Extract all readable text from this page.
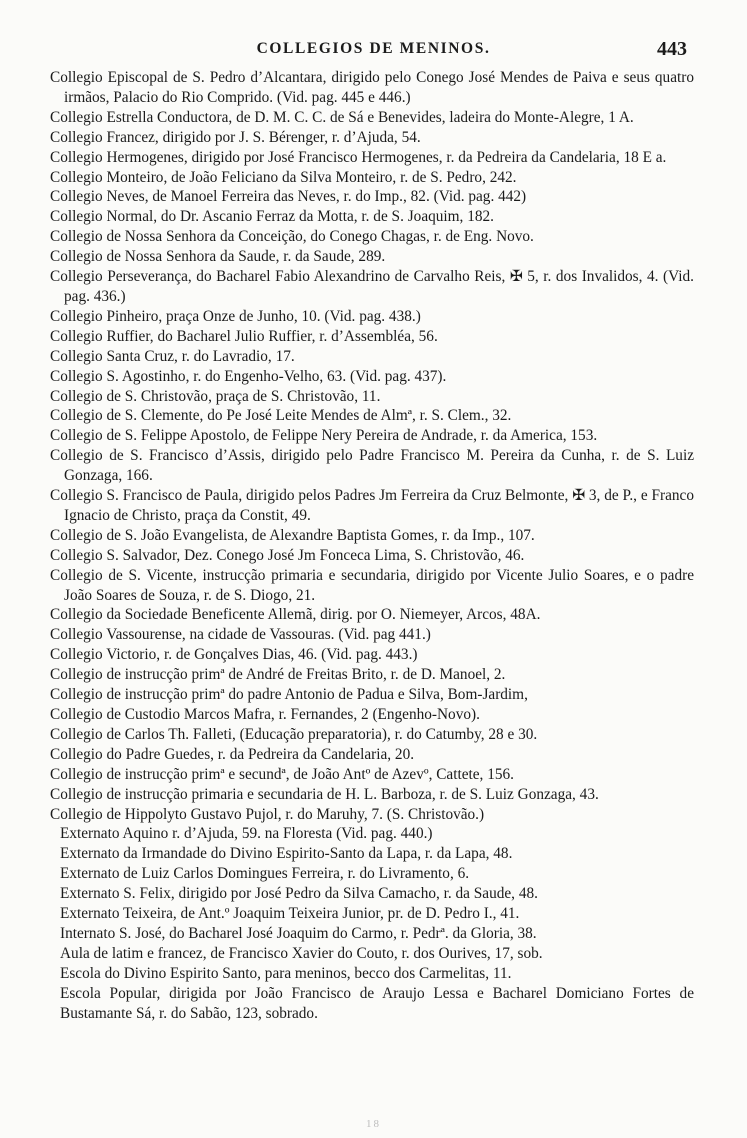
COLLEGIOS DE MENINOS.	443

Collegio Episcopal de S. Pedro d’Alcantara, dirigido pelo Conego José Mendes de Paiva e seus quatro irmãos, Palacio do Rio Comprido. (Vid. pag. 445 e 446.)

Collegio Estrella Conductora, de D. M. C. C. de Sá e Benevides, ladeira do Monte-Alegre, 1 A.

Collegio Francez, dirigido por J. S. Bérenger, r. d’Ajuda, 54.

Collegio Hermogenes, dirigido por José Francisco Hermogenes, r. da Pedreira da Candelaria, 18 E a.

Collegio Monteiro, de João Feliciano da Silva Monteiro, r. de S. Pedro, 242.

Collegio Neves, de Manoel Ferreira das Neves, r. do Imp., 82. (Vid. pag. 442)

Collegio Normal, do Dr. Ascanio Ferraz da Motta, r. de S. Joaquim, 182.

Collegio de Nossa Senhora da Conceição, do Conego Chagas, r. de Eng. Novo.

Collegio de Nossa Senhora da Saude, r. da Saude, 289.

Collegio Perseverança, do Bacharel Fabio Alexandrino de Carvalho Reis, ✠ 5, r. dos Invalidos, 4. (Vid. pag. 436.)

Collegio Pinheiro, praça Onze de Junho, 10. (Vid. pag. 438.)

Collegio Ruffier, do Bacharel Julio Ruffier, r. d’Assembléa, 56.

Collegio Santa Cruz, r. do Lavradio, 17.

Collegio S. Agostinho, r. do Engenho-Velho, 63. (Vid. pag. 437).

Collegio de S. Christovão, praça de S. Christovão, 11.

Collegio de S. Clemente, do Pe José Leite Mendes de Almª, r. S. Clem., 32.

Collegio de S. Felippe Apostolo, de Felippe Nery Pereira de Andrade, r. da America, 153.

Collegio de S. Francisco d’Assis, dirigido pelo Padre Francisco M. Pereira da Cunha, r. de S. Luiz Gonzaga, 166.

Collegio S. Francisco de Paula, dirigido pelos Padres Jm Ferreira da Cruz Belmonte, ✠ 3, de P., e Franco Ignacio de Christo, praça da Constit, 49.

Collegio de S. João Evangelista, de Alexandre Baptista Gomes, r. da Imp., 107.

Collegio S. Salvador, Dez. Conego José Jm Fonceca Lima, S. Christovão, 46.

Collegio de S. Vicente, instrucção primaria e secundaria, dirigido por Vicente Julio Soares, e o padre João Soares de Souza, r. de S. Diogo, 21.

Collegio da Sociedade Beneficente Allemã, dirig. por O. Niemeyer, Arcos, 48A.

Collegio Vassourense, na cidade de Vassouras. (Vid. pag 441.)

Collegio Victorio, r. de Gonçalves Dias, 46. (Vid. pag. 443.)

Collegio de instrucção primª de André de Freitas Brito, r. de D. Manoel, 2.

Collegio de instrucção primª do padre Antonio de Padua e Silva, Bom-Jardim,

Collegio de Custodio Marcos Mafra, r. Fernandes, 2 (Engenho-Novo).

Collegio de Carlos Th. Falleti, (Educação preparatoria), r. do Catumby, 28 e 30.

Collegio do Padre Guedes, r. da Pedreira da Candelaria, 20.

Collegio de instrucção primª e secundª, de João Antº de Azevº, Cattete, 156.

Collegio de instrucção primaria e secundaria de H. L. Barboza, r. de S. Luiz Gonzaga, 43.

Collegio de Hippolyto Gustavo Pujol, r. do Maruhy, 7. (S. Christovão.)

Externato Aquino r. d’Ajuda, 59. na Floresta (Vid. pag. 440.)

Externato da Irmandade do Divino Espirito-Santo da Lapa, r. da Lapa, 48.

Externato de Luiz Carlos Domingues Ferreira, r. do Livramento, 6.

Externato S. Felix, dirigido por José Pedro da Silva Camacho, r. da Saude, 48.

Externato Teixeira, de Ant.º Joaquim Teixeira Junior, pr. de D. Pedro I., 41.

Internato S. José, do Bacharel José Joaquim do Carmo, r. Pedrª. da Gloria, 38.

Aula de latim e francez, de Francisco Xavier do Couto, r. dos Ourives, 17, sob.

Escola do Divino Espirito Santo, para meninos, becco dos Carmelitas, 11.

Escola Popular, dirigida por João Francisco de Araujo Lessa e Bacharel Domiciano Fortes de Bustamante Sá, r. do Sabão, 123, sobrado.

18
